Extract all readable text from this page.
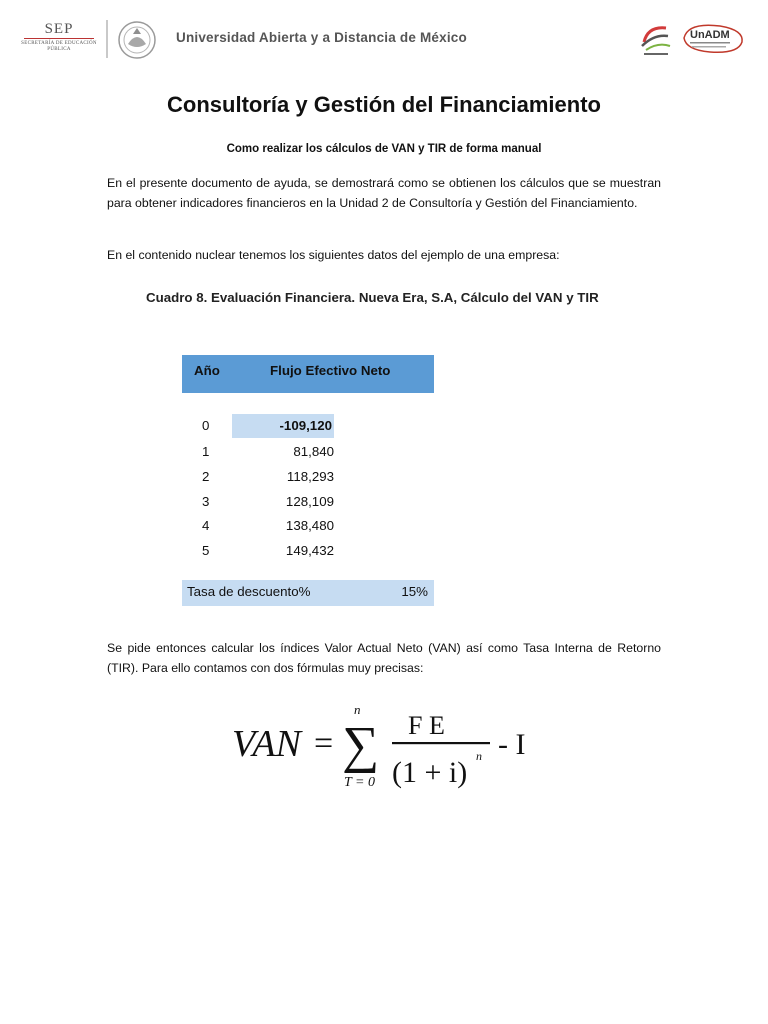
SEP
SECRETARÍA DE EDUCACIÓN PÚBLICA
Universidad Abierta y a Distancia de México	UnADM
Consultoría y Gestión del Financiamiento
Como realizar los cálculos de VAN y TIR de forma manual
En el presente documento de ayuda, se demostrará como se obtienen los cálculos que se muestran para obtener indicadores financieros en la Unidad 2 de Consultoría y Gestión del Financiamiento.
En el contenido nuclear tenemos los siguientes datos del ejemplo de una empresa:
Cuadro 8. Evaluación Financiera. Nueva Era, S.A, Cálculo del VAN y TIR
Año	Flujo Efectivo Neto
0	-109,120
1	81,840
2	118,293
3	128,109
4	138,480
5	149,432
Tasa de descuento%	15%
Se pide entonces calcular los índices Valor Actual Neto (VAN) así como Tasa Interna de Retorno (TIR). Para ello contamos con dos fórmulas muy precisas:
VAN =
n
∑
T = 0
F E
(1 + i) n - I
